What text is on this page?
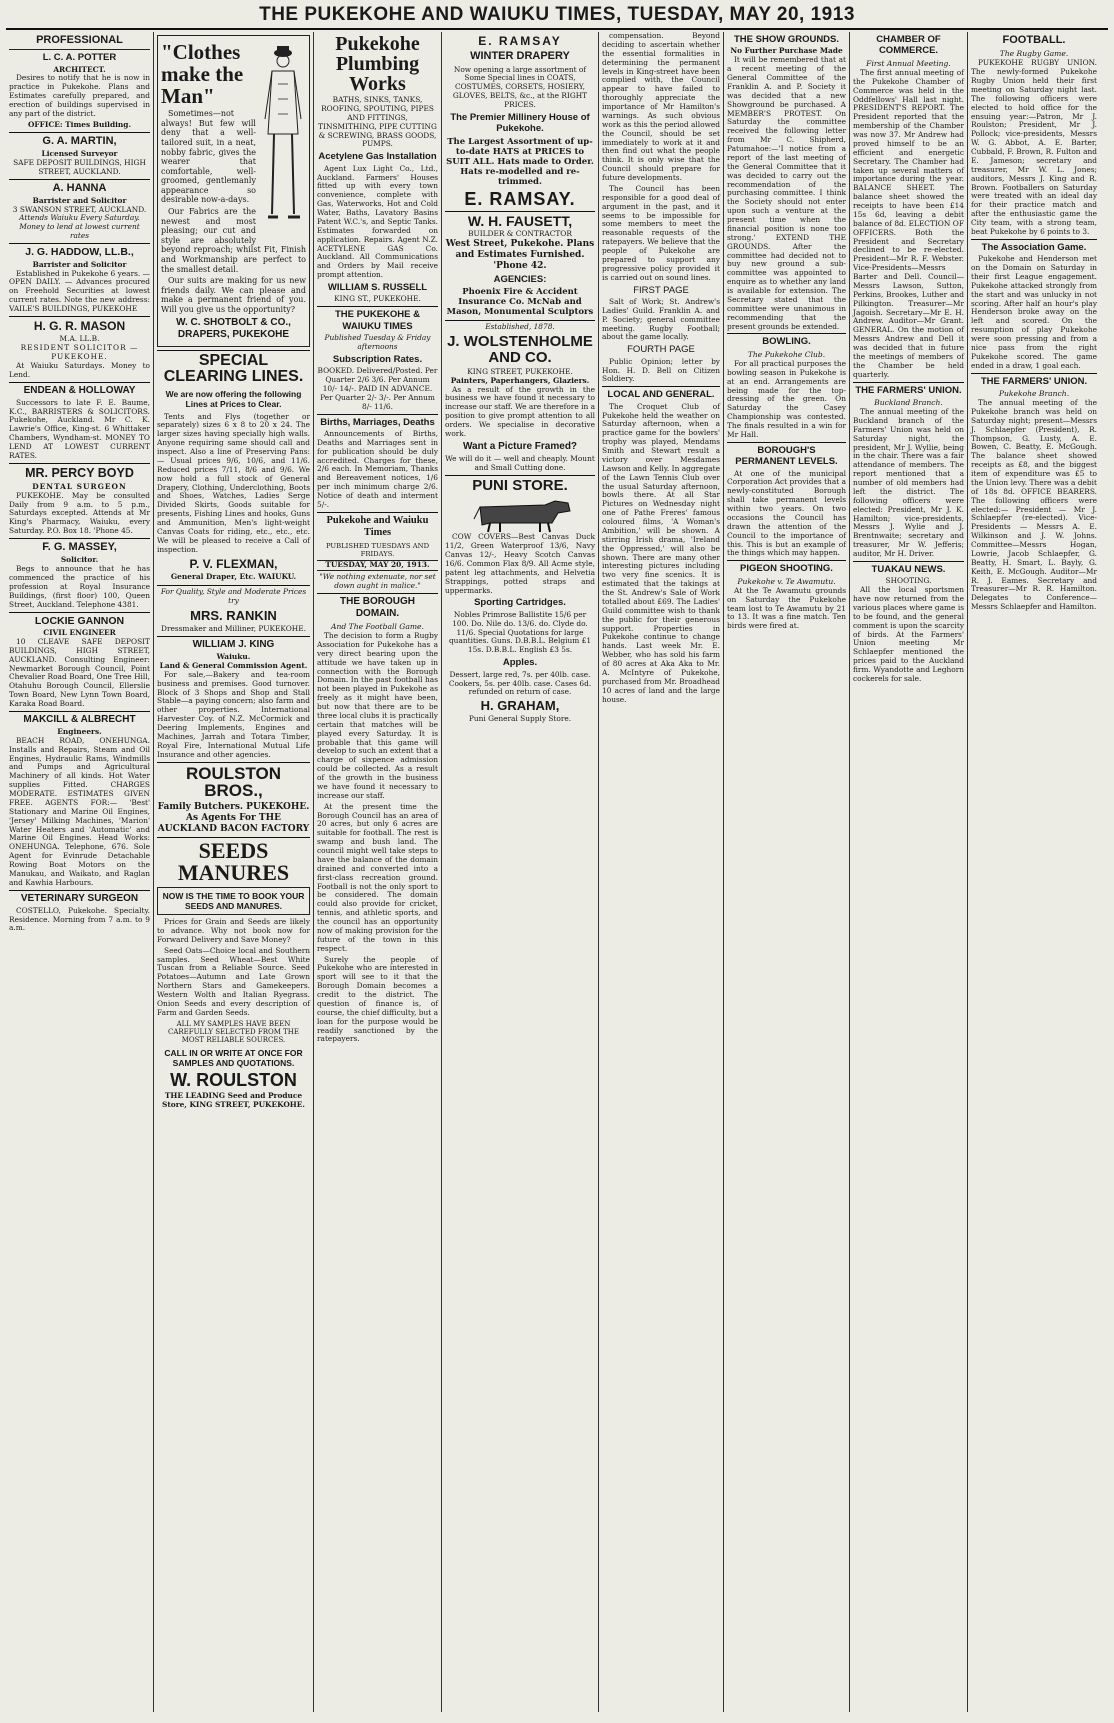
THE PUKEKOHE AND WAIUKU TIMES, TUESDAY, MAY 20, 1913
PROFESSIONAL
L. C. A. POTTER
ARCHITECT.
Desires to notify that he is now in practice in Pukekohe. Plans and Estimates carefully prepared, and erection of buildings supervised in any part of the district.
OFFICE: Times Building.
G. A. MARTIN,
Licensed Surveyor
SAFE DEPOSIT BUILDINGS, HIGH STREET, AUCKLAND.
A. HANNA
Barrister and Solicitor
3 SWANSON STREET, AUCKLAND.
Attends Waiuku Every Saturday. Money to lend at lowest current rates
J. G. HADDOW, LL.B.,
Barrister and Solicitor
Established in Pukekohe 6 years. — OPEN DAILY. — Advances procured on Freehold Securities at lowest current rates. Note the new address: VAILE'S BUILDINGS, PUKEKOHE
H. G. R. MASON
M.A. LL.B.
RESIDENT SOLICITOR — PUKEKOHE.
At Waiuku Saturdays. Money to Lend.
ENDEAN & HOLLOWAY
Successors to late F. E. Baume, K.C., BARRISTERS & SOLICITORS. Pukekohe, Auckland. Mr C. K. Lawrie's Office, King-st. 6 Whittaker Chambers, Wyndham-st. MONEY TO LEND AT LOWEST CURRENT RATES.
MR. PERCY BOYD
DENTAL SURGEON
PUKEKOHE. May be consulted Daily from 9 a.m. to 5 p.m., Saturdays excepted. Attends at Mr King's Pharmacy, Waiuku, every Saturday. P.O. Box 18. 'Phone 45.
F. G. MASSEY,
Solicitor.
Begs to announce that he has commenced the practice of his profession at Royal Insurance Buildings, (first floor) 100, Queen Street, Auckland. Telephone 4381.
LOCKIE GANNON
CIVIL ENGINEER
10 CLEAVE SAFE DEPOSIT BUILDINGS, HIGH STREET, AUCKLAND. Consulting Engineer: Newmarket Borough Council, Point Chevalier Road Board, One Tree Hill, Otahuhu Borough Council, Ellerslie Town Board, New Lynn Town Board, Karaka Road Board.
MAKCILL & ALBRECHT
Engineers.
BEACH ROAD, ONEHUNGA. Installs and Repairs, Steam and Oil Engines, Hydraulic Rams, Windmills and Pumps and Agricultural Machinery of all kinds. Hot Water supplies Fitted. CHARGES MODERATE. ESTIMATES GIVEN FREE. AGENTS FOR:— 'Best' Stationary and Marine Oil Engines, 'Jersey' Milking Machines, 'Marion' Water Heaters and 'Automatic' and Marine Oil Engines. Head Works: ONEHUNGA. Telephone, 676. Sole Agent for Evinrude Detachable Rowing Boat Motors on the Manukau, and Waikato, and Raglan and Kawhia Harbours.
VETERINARY SURGEON
COSTELLO, Pukekohe. Specialty. Residence. Morning from 7 a.m. to 9 a.m.
"Clothes make the Man"
Sometimes—not always! But few will deny that a well-tailored suit, in a neat, nobby fabric, gives the wearer that comfortable, well-groomed, gentlemanly appearance so desirable now-a-days.
Our Fabrics are the newest and most pleasing; our cut and style are absolutely beyond reproach; whilst Fit, Finish and Workmanship are perfect to the smallest detail.
Our suits are making for us new friends daily. We can please and make a permanent friend of you. Will you give us the opportunity?
W. C. SHOTBOLT & CO., DRAPERS, PUKEKOHE
SPECIAL CLEARING LINES.
We are now offering the following Lines at Prices to Clear.
Tents and Flys (together or separately) sizes 6 x 8 to 20 x 24. The larger sizes having specially high walls. Anyone requiring same should call and inspect. Also a line of Preserving Pans:— Usual prices 9/6, 10/6, and 11/6. Reduced prices 7/11, 8/6 and 9/6. We now hold a full stock of General Drapery, Clothing, Underclothing, Boots and Shoes, Watches, Ladies Serge Divided Skirts, Goods suitable for presents, Fishing Lines and hooks, Guns and Ammunition, Men's light-weight Canvas Coats for riding, etc., etc., etc. We will be pleased to receive a Call of inspection.
P. V. FLEXMAN,
General Draper, Etc. WAIUKU.
For Quality, Style and Moderate Prices try
MRS. RANKIN
Dressmaker and Milliner, PUKEKOHE.
WILLIAM J. KING
Waiuku.
Land & General Commission Agent.
For sale,—Bakery and tea-room business and premises. Good turnover. Block of 3 Shops and Shop and Stall Stable—a paying concern; also farm and other properties. International Harvester Coy. of N.Z. McCormick and Deering Implements, Engines and Machines, Jarrah and Totara Timber, Royal Fire, International Mutual Life Insurance and other agencies.
ROULSTON BROS.,
Family Butchers. PUKEKOHE.
As Agents For THE AUCKLAND BACON FACTORY
SEEDS MANURES
NOW IS THE TIME TO BOOK YOUR SEEDS AND MANURES.
Prices for Grain and Seeds are likely to advance. Why not book now for Forward Delivery and Save Money?
Seed Oats—Choice local and Southern samples. Seed Wheat—Best White Tuscan from a Reliable Source. Seed Potatoes—Autumn and Late Grown Northern Stars and Gamekeepers. Western Wolth and Italian Ryegrass. Onion Seeds and every description of Farm and Garden Seeds.
ALL MY SAMPLES HAVE BEEN CAREFULLY SELECTED FROM THE MOST RELIABLE SOURCES.
CALL IN OR WRITE AT ONCE FOR SAMPLES AND QUOTATIONS.
W. ROULSTON
THE LEADING Seed and Produce Store, KING STREET, PUKEKOHE.
Pukekohe Plumbing Works
BATHS, SINKS, TANKS, ROOFING, SPOUTING, PIPES AND FITTINGS, TINSMITHING, PIPE CUTTING & SCREWING, BRASS GOODS, PUMPS.
Acetylene Gas Installation
Agent Lux Light Co., Ltd., Auckland. Farmers' Houses fitted up with every town convenience, complete with Gas, Waterworks, Hot and Cold Water, Baths, Lavatory Basins Patent W.C.'s, and Septic Tanks. Estimates forwarded on application. Repairs. Agent N.Z. ACETYLENE GAS Co. Auckland. All Communications and Orders by Mail receive prompt attention.
WILLIAM S. RUSSELL
KING ST., PUKEKOHE.
THE PUKEKOHE & WAIUKU TIMES
Published Tuesday & Friday afternoons
Subscription Rates.
BOOKED. Delivered/Posted. Per Quarter 2/6 3/6. Per Annum 10/- 14/-. PAID IN ADVANCE. Per Quarter 2/- 3/-. Per Annum 8/- 11/6.
Births, Marriages, Deaths
Announcements of Births, Deaths and Marriages sent in for publication should be duly accredited. Charges for these, 2/6 each. In Memoriam, Thanks and Bereavement notices, 1/6 per inch minimum charge 2/6. Notice of death and interment 5/-.
Pukekohe and Waiuku Times
PUBLISHED TUESDAYS AND FRIDAYS.
TUESDAY, MAY 20, 1913.
"We nothing extenuate, nor set down aught in malice."
THE BOROUGH DOMAIN.
And The Football Game.
The decision to form a Rugby Association for Pukekohe has a very direct bearing upon the attitude we have taken up in connection with the Borough Domain. In the past football has not been played in Pukekohe as freely as it might have been, but now that there are to be three local clubs it is practically certain that matches will be played every Saturday. It is probable that this game will develop to such an extent that a charge of sixpence admission could be collected. As a result of the growth in the business we have found it necessary to increase our staff.
At the present time the Borough Council has an area of 20 acres, but only 6 acres are suitable for football. The rest is swamp and bush land. The council might well take steps to have the balance of the domain drained and converted into a first-class recreation ground. Football is not the only sport to be considered. The domain could also provide for cricket, tennis, and athletic sports, and the council has an opportunity now of making provision for the future of the town in this respect.
Surely the people of Pukekohe who are interested in sport will see to it that the Borough Domain becomes a credit to the district. The question of finance is, of course, the chief difficulty, but a loan for the purpose would be readily sanctioned by the ratepayers.
E. RAMSAY
WINTER DRAPERY
Now opening a large assortment of Some Special lines in COATS, COSTUMES, CORSETS, HOSIERY, GLOVES, BELTS, &c., at the RIGHT PRICES.
The Premier Millinery House of Pukekohe.
The Largest Assortment of up-to-date HATS at PRICES to SUIT ALL. Hats made to Order. Hats re-modelled and re-trimmed.
E. RAMSAY.
W. H. FAUSETT,
BUILDER & CONTRACTOR
West Street, Pukekohe. Plans and Estimates Furnished. 'Phone 42.
AGENCIES:
Phoenix Fire & Accident Insurance Co. McNab and Mason, Monumental Sculptors
Established, 1878.
J. WOLSTENHOLME AND CO.
KING STREET, PUKEKOHE.
Painters, Paperhangers, Glaziers.
As a result of the growth in the business we have found it necessary to increase our staff. We are therefore in a position to give prompt attention to all orders. We specialise in decorative work.
Want a Picture Framed?
We will do it — well and cheaply. Mount and Small Cutting done.
PUNI STORE.
COW COVERS—Best Canvas Duck 11/2, Green Waterproof 13/6, Navy Canvas 12/-, Heavy Scotch Canvas 16/6. Common Flax 8/9. All Acme style, patent leg attachments, and Helvetia Strappings, potted straps and uppermarks.
Sporting Cartridges.
Nobles Primrose Ballistite 15/6 per 100. Do. Nile do. 13/6. do. Clyde do. 11/6. Special Quotations for large quantities. Guns. D.B.B.L. Belgium £1 15s. D.B.B.L. English £3 5s.
Apples.
Dessert, large red, 7s. per 40lb. case. Cookers, 5s. per 40lb. case. Cases 6d. refunded on return of case.
H. GRAHAM,
Puni General Supply Store.
compensation. Beyond deciding to ascertain whether the essential formalities in determining the permanent levels in King-street have been complied with, the Council appear to have failed to thoroughly appreciate the importance of Mr Hamilton's warnings. As such obvious work as this the period allowed the Council, should be set immediately to work at it and then find out what the people think. It is only wise that the Council should prepare for future developments.
The Council has been responsible for a good deal of argument in the past, and it seems to be impossible for some members to meet the reasonable requests of the ratepayers. We believe that the people of Pukekohe are prepared to support any progressive policy provided it is carried out on sound lines.
FIRST PAGE
Salt of Work; St. Andrew's Ladies' Guild. Franklin A. and P. Society; general committee meeting. Rugby Football; about the game locally.
FOURTH PAGE
Public Opinion; letter by Hon. H. D. Bell on Citizen Soldiery.
LOCAL AND GENERAL.
The Croquet Club of Pukekohe held the weather on Saturday afternoon, when a practice game for the bowlers' trophy was played, Mendams Smith and Stewart result a victory over Mesdames Lawson and Kelly. In aggregate of the Lawn Tennis Club over the usual Saturday afternoon, bowls there. At all Star Pictures on Wednesday night one of Pathe Freres' famous coloured films, 'A Woman's Ambition,' will be shown. A stirring Irish drama, 'Ireland the Oppressed,' will also be shown. There are many other interesting pictures including two very fine scenics. It is estimated that the takings at the St. Andrew's Sale of Work totalled about £69. The Ladies' Guild committee wish to thank the public for their generous support. Properties in Pukekohe continue to change hands. Last week Mr. E. Webber, who has sold his farm of 80 acres at Aka Aka to Mr. A. McIntyre of Pukekohe, purchased from Mr. Broadhead 10 acres of land and the large house.
THE SHOW GROUNDS.
No Further Purchase Made
It will be remembered that at a recent meeting of the General Committee of the Franklin A. and P. Society it was decided that a new Showground be purchased. A MEMBER'S PROTEST. On Saturday the committee received the following letter from Mr C. Shipherd, Patumahoe:—'I notice from a report of the last meeting of the General Committee that it was decided to carry out the recommendation of the purchasing committee. I think the Society should not enter upon such a venture at the present time when the financial position is none too strong.' EXTEND THE GROUNDS. After the committee had decided not to buy new ground a sub-committee was appointed to enquire as to whether any land is available for extension. The Secretary stated that the committee were unanimous in recommending that the present grounds be extended.
BOWLING.
The Pukekohe Club.
For all practical purposes the bowling season in Pukekohe is at an end. Arrangements are being made for the top-dressing of the green. On Saturday the Casey Championship was contested. The finals resulted in a win for Mr Hall.
BOROUGH'S PERMANENT LEVELS.
At one of the municipal Corporation Act provides that a newly-constituted Borough shall take permanent levels within two years. On two occasions the Council has drawn the attention of the Council to the importance of this. This is but an example of the things which may happen.
PIGEON SHOOTING.
Pukekohe v. Te Awamutu.
At the Te Awamutu grounds on Saturday the Pukekohe team lost to Te Awamutu by 21 to 13. It was a fine match. Ten birds were fired at.
CHAMBER OF COMMERCE.
First Annual Meeting.
The first annual meeting of the Pukekohe Chamber of Commerce was held in the Oddfellows' Hall last night. PRESIDENT'S REPORT. The President reported that the membership of the Chamber was now 37. Mr Andrew had proved himself to be an efficient and energetic Secretary. The Chamber had taken up several matters of importance during the year. BALANCE SHEET. The balance sheet showed the receipts to have been £14 15s 6d, leaving a debit balance of 8d. ELECTION OF OFFICERS. Both the President and Secretary declined to be re-elected. President—Mr R. F. Webster. Vice-Presidents—Messrs Barter and Dell. Council—Messrs Lawson, Sutton, Perkins, Brookes, Luther and Pilkington. Treasurer—Mr Jagoish. Secretary—Mr E. H. Andrew. Auditor—Mr Grant. GENERAL. On the motion of Messrs Andrew and Dell it was decided that in future the meetings of members of the Chamber be held quarterly.
THE FARMERS' UNION.
Buckland Branch.
The annual meeting of the Buckland branch of the Farmers' Union was held on Saturday night, the president, Mr J. Wyllie, being in the chair. There was a fair attendance of members. The report mentioned that a number of old members had left the district. The following officers were elected: President, Mr J. K. Hamilton; vice-presidents, Messrs J. Wylie and J. Brentnwaite; secretary and treasurer, Mr W. Jefferis; auditor, Mr H. Driver.
TUAKAU NEWS.
SHOOTING.
All the local sportsmen have now returned from the various places where game is to be found, and the general comment is upon the scarcity of birds. At the Farmers' Union meeting Mr Schlaepfer mentioned the prices paid to the Auckland firm. Wyandotte and Leghorn cockerels for sale.
FOOTBALL.
The Rugby Game.
PUKEKOHE RUGBY UNION. The newly-formed Pukekohe Rugby Union held their first meeting on Saturday night last. The following officers were elected to hold office for the ensuing year:—Patron, Mr J. Roulston; President, Mr J. Pollock; vice-presidents, Messrs W. G. Abbot, A. E. Barter, Cubbald, F. Brown, R. Fulton and E. Jameson; secretary and treasurer, Mr W. L. Jones; auditors, Messrs J. King and R. Brown. Footballers on Saturday were treated with an ideal day for their practice match and after the enthusiastic game the City team, with a strong team, beat Pukekohe by 6 points to 3.
The Association Game.
Pukekohe and Henderson met on the Domain on Saturday in their first League engagement. Pukekohe attacked strongly from the start and was unlucky in not scoring. After half an hour's play Henderson broke away on the left and scored. On the resumption of play Pukekohe were soon pressing and from a nice pass from the right Pukekohe scored. The game ended in a draw, 1 goal each.
THE FARMERS' UNION.
Pukekohe Branch.
The annual meeting of the Pukekohe branch was held on Saturday night; present—Messrs J. Schlaepfer (President), R. Thompson, G. Lusty, A. E. Bowen, C. Beatty, E. McGough. The balance sheet showed receipts as £8, and the biggest item of expenditure was £5 to the Union levy. There was a debit of 18s 8d. OFFICE BEARERS. The following officers were elected:— President — Mr J. Schlaepfer (re-elected). Vice-Presidents — Messrs A. E. Wilkinson and J. W. Johns. Committee—Messrs Hogan, Lowrie, Jacob Schlaepfer, G. Beatty, H. Smart, L. Bayly, G. Keith, E. McGough. Auditor—Mr R. J. Eames. Secretary and Treasurer—Mr R. R. Hamilton. Delegates to Conference—Messrs Schlaepfer and Hamilton.
